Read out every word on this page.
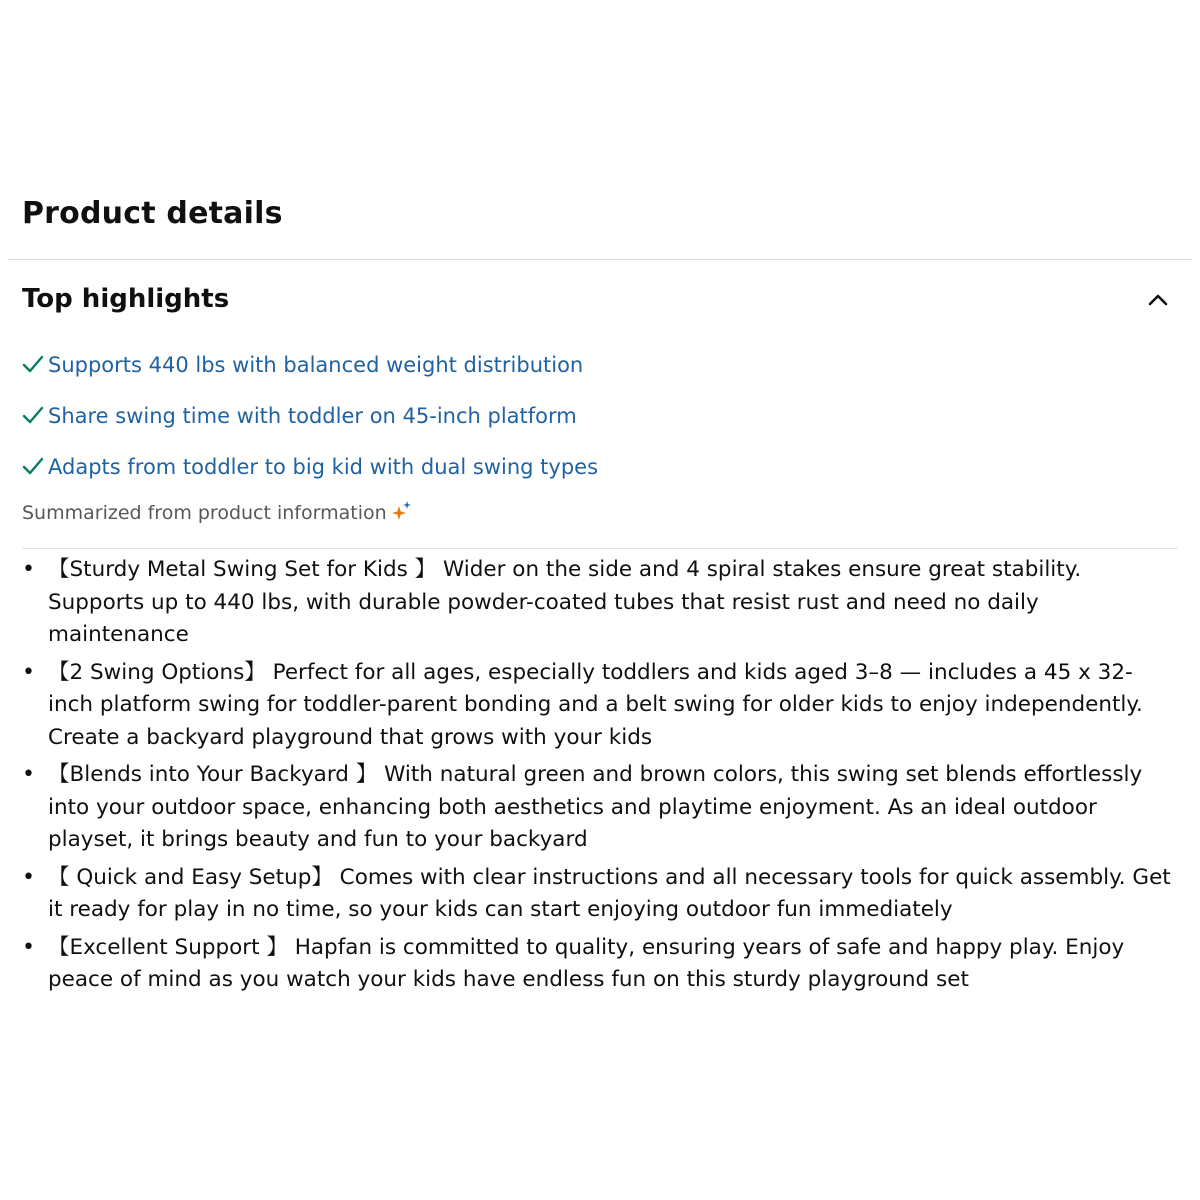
Product details
Top highlights
Supports 440 lbs with balanced weight distribution
Share swing time with toddler on 45-inch platform
Adapts from toddler to big kid with dual swing types
Summarized from product information
• 【Sturdy Metal Swing Set for Kids 】 Wider on the side and 4 spiral stakes ensure great stability. Supports up to 440 lbs, with durable powder-coated tubes that resist rust and need no daily maintenance
• 【2 Swing Options】 Perfect for all ages, especially toddlers and kids aged 3–8 — includes a 45 x 32-inch platform swing for toddler-parent bonding and a belt swing for older kids to enjoy independently. Create a backyard playground that grows with your kids
• 【Blends into Your Backyard 】 With natural green and brown colors, this swing set blends effortlessly into your outdoor space, enhancing both aesthetics and playtime enjoyment. As an ideal outdoor playset, it brings beauty and fun to your backyard
• 【 Quick and Easy Setup】 Comes with clear instructions and all necessary tools for quick assembly. Get it ready for play in no time, so your kids can start enjoying outdoor fun immediately
• 【Excellent Support 】 Hapfan is committed to quality, ensuring years of safe and happy play. Enjoy peace of mind as you watch your kids have endless fun on this sturdy playground set
